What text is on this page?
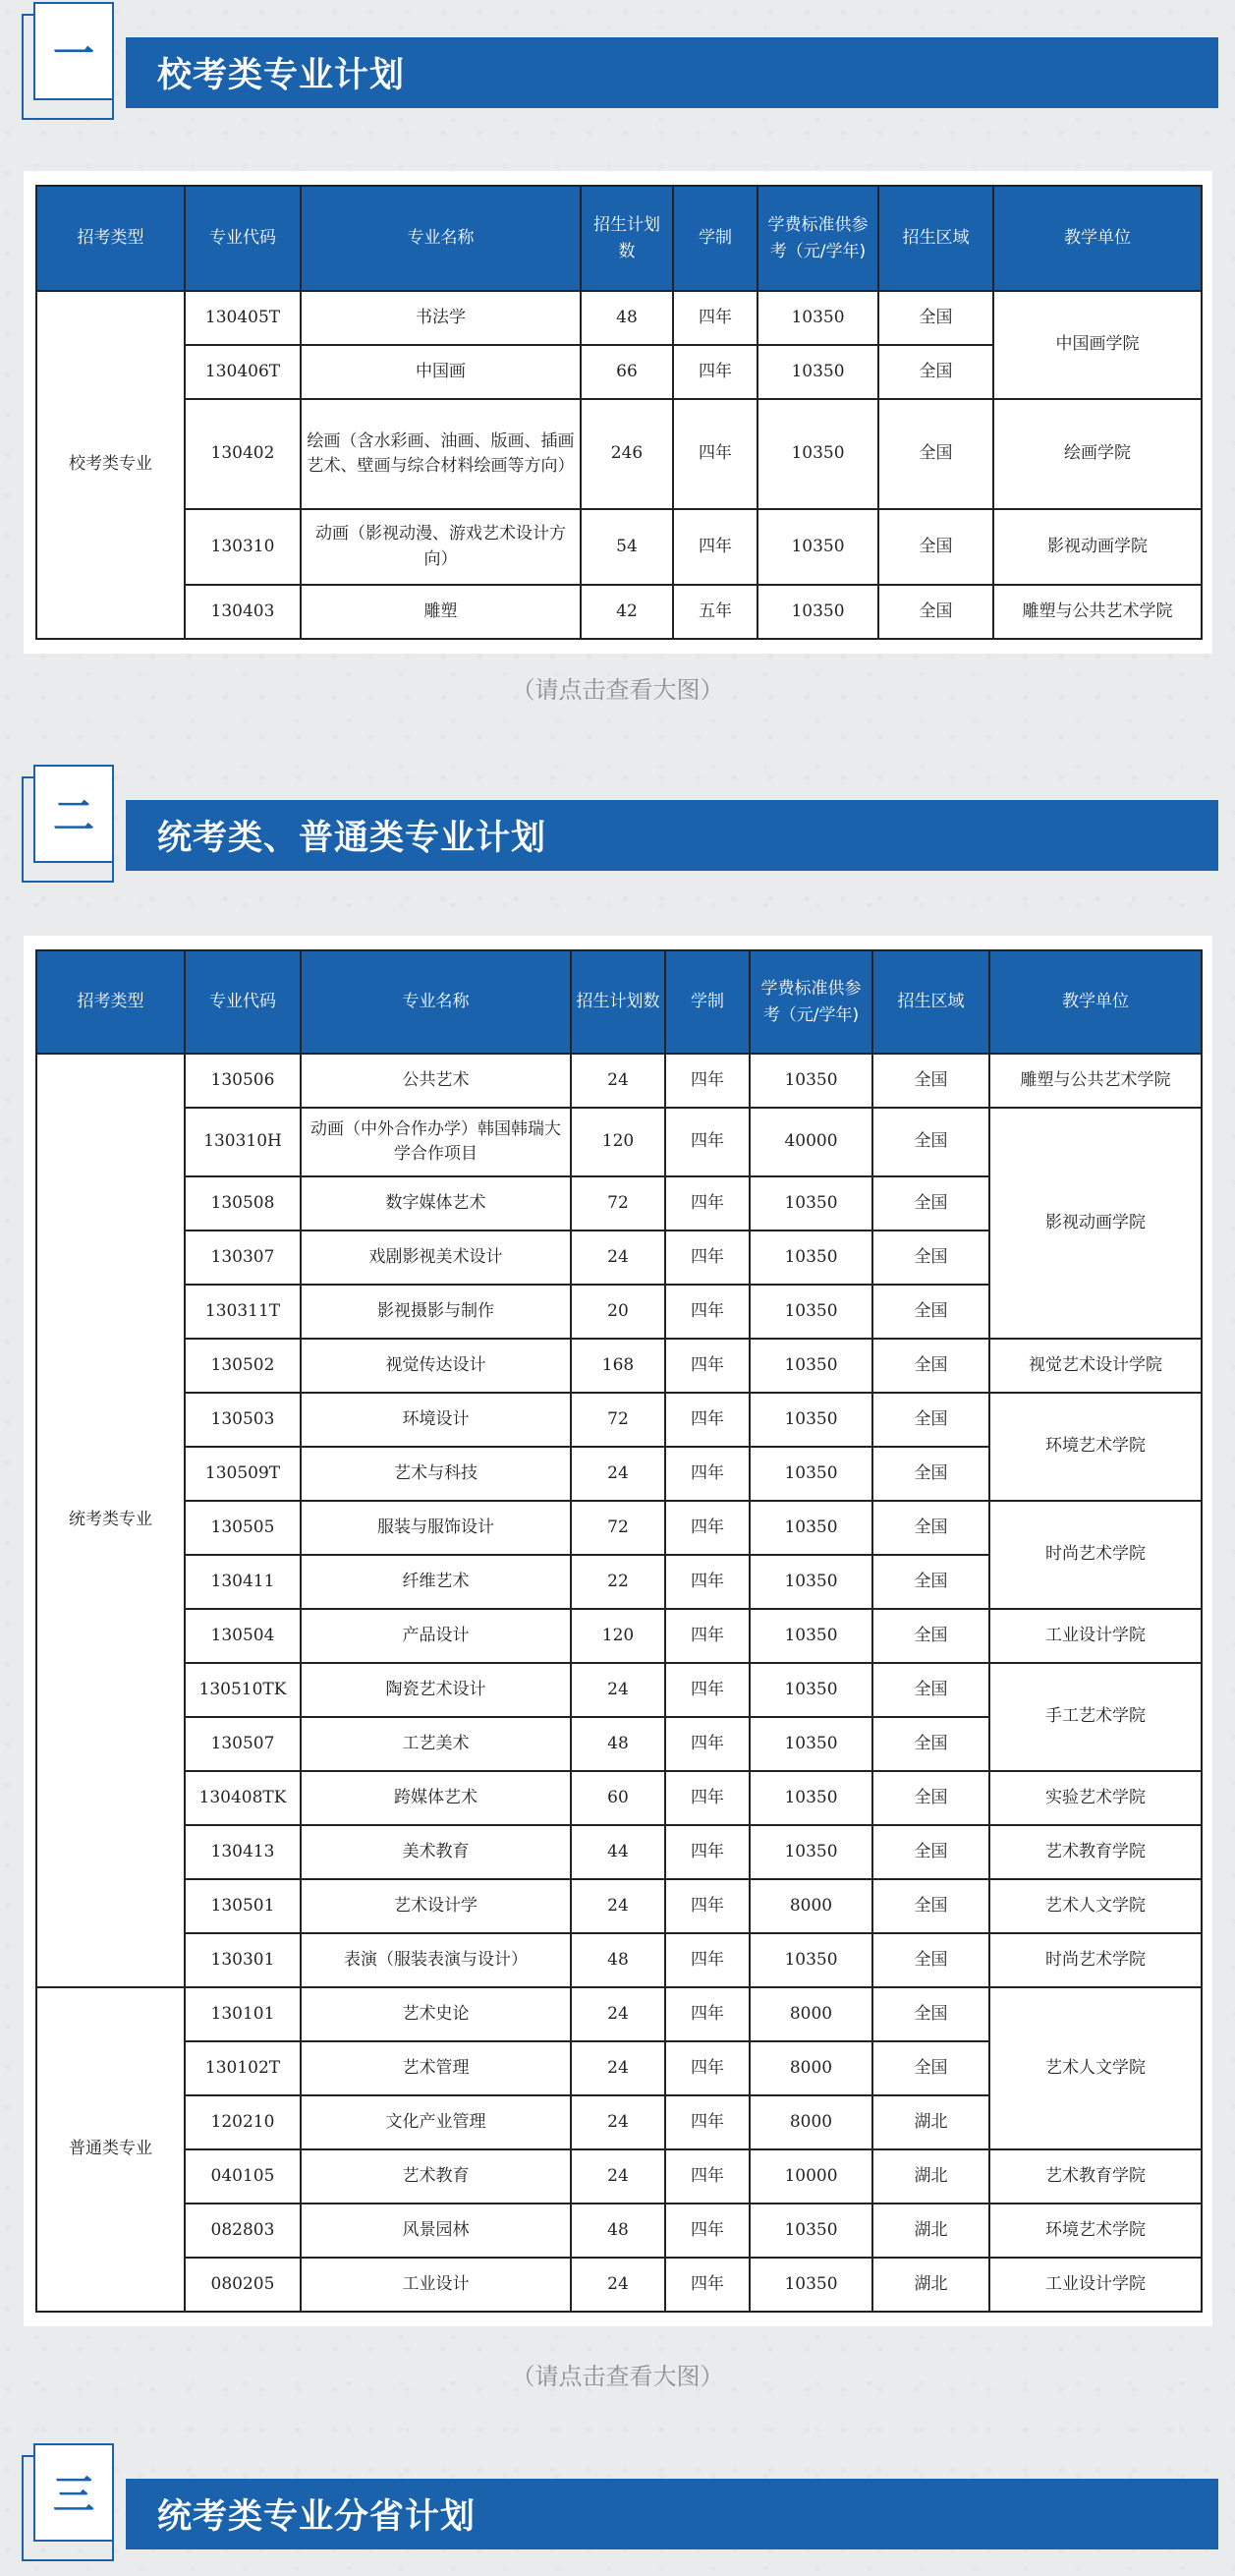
一	校考类专业计划
招考类型	专业代码	专业名称	招生计划数	学制	学费标准供参考（元/学年)	招生区域	教学单位
校考类专业	130405T	书法学	48	四年	10350	全国	中国画学院
	130406T	中国画	66	四年	10350	全国	
	130402	绘画（含水彩画、油画、版画、插画艺术、壁画与综合材料绘画等方向）	246	四年	10350	全国	绘画学院
	130310	动画（影视动漫、游戏艺术设计方向）	54	四年	10350	全国	影视动画学院
	130403	雕塑	42	五年	10350	全国	雕塑与公共艺术学院
（请点击查看大图）
二	统考类、普通类专业计划
招考类型	专业代码	专业名称	招生计划数	学制	学费标准供参考（元/学年)	招生区域	教学单位
统考类专业	130506	公共艺术	24	四年	10350	全国	雕塑与公共艺术学院
	130310H	动画（中外合作办学）韩国韩瑞大学合作项目	120	四年	40000	全国	影视动画学院
	130508	数字媒体艺术	72	四年	10350	全国	
	130307	戏剧影视美术设计	24	四年	10350	全国	
	130311T	影视摄影与制作	20	四年	10350	全国	
	130502	视觉传达设计	168	四年	10350	全国	视觉艺术设计学院
	130503	环境设计	72	四年	10350	全国	环境艺术学院
	130509T	艺术与科技	24	四年	10350	全国	
	130505	服装与服饰设计	72	四年	10350	全国	时尚艺术学院
	130411	纤维艺术	22	四年	10350	全国	
	130504	产品设计	120	四年	10350	全国	工业设计学院
	130510TK	陶瓷艺术设计	24	四年	10350	全国	手工艺术学院
	130507	工艺美术	48	四年	10350	全国	
	130408TK	跨媒体艺术	60	四年	10350	全国	实验艺术学院
	130413	美术教育	44	四年	10350	全国	艺术教育学院
	130501	艺术设计学	24	四年	8000	全国	艺术人文学院
	130301	表演（服装表演与设计）	48	四年	10350	全国	时尚艺术学院
普通类专业	130101	艺术史论	24	四年	8000	全国	艺术人文学院
	130102T	艺术管理	24	四年	8000	全国	
	120210	文化产业管理	24	四年	8000	湖北	
	040105	艺术教育	24	四年	10000	湖北	艺术教育学院
	082803	风景园林	48	四年	10350	湖北	环境艺术学院
	080205	工业设计	24	四年	10350	湖北	工业设计学院
（请点击查看大图）
三	统考类专业分省计划
